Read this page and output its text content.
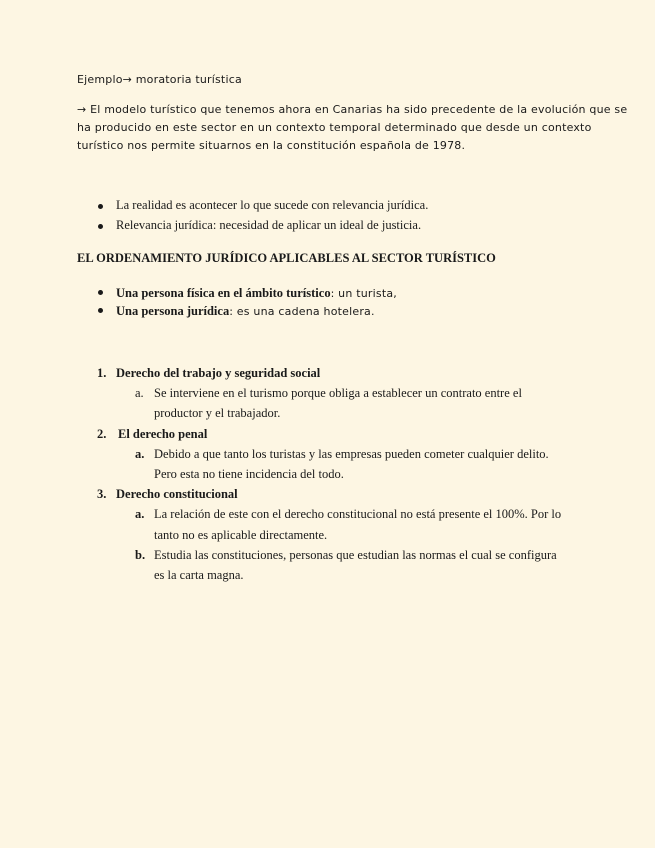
Ejemplo→ moratoria turística
→ El modelo turístico que tenemos ahora en Canarias ha sido precedente de la evolución que se
ha producido en este sector en un contexto temporal determinado que desde un contexto
turístico nos permite situarnos en la constitución española de 1978.
La realidad es acontecer lo que sucede con relevancia jurídica.
Relevancia jurídica: necesidad de aplicar un ideal de justicia.
EL ORDENAMIENTO JURÍDICO APLICABLES AL SECTOR TURÍSTICO
Una persona física en el ámbito turístico: un turista,
Una persona jurídica: es una cadena hotelera.
1. Derecho del trabajo y seguridad social
a. Se interviene en el turismo porque obliga a establecer un contrato entre el
productor y el trabajador.
2. El derecho penal
a. Debido a que tanto los turistas y las empresas pueden cometer cualquier delito.
Pero esta no tiene incidencia del todo.
3. Derecho constitucional
a. La relación de este con el derecho constitucional no está presente el 100%. Por lo
tanto no es aplicable directamente.
b. Estudia las constituciones, personas que estudian las normas el cual se configura
es la carta magna.
